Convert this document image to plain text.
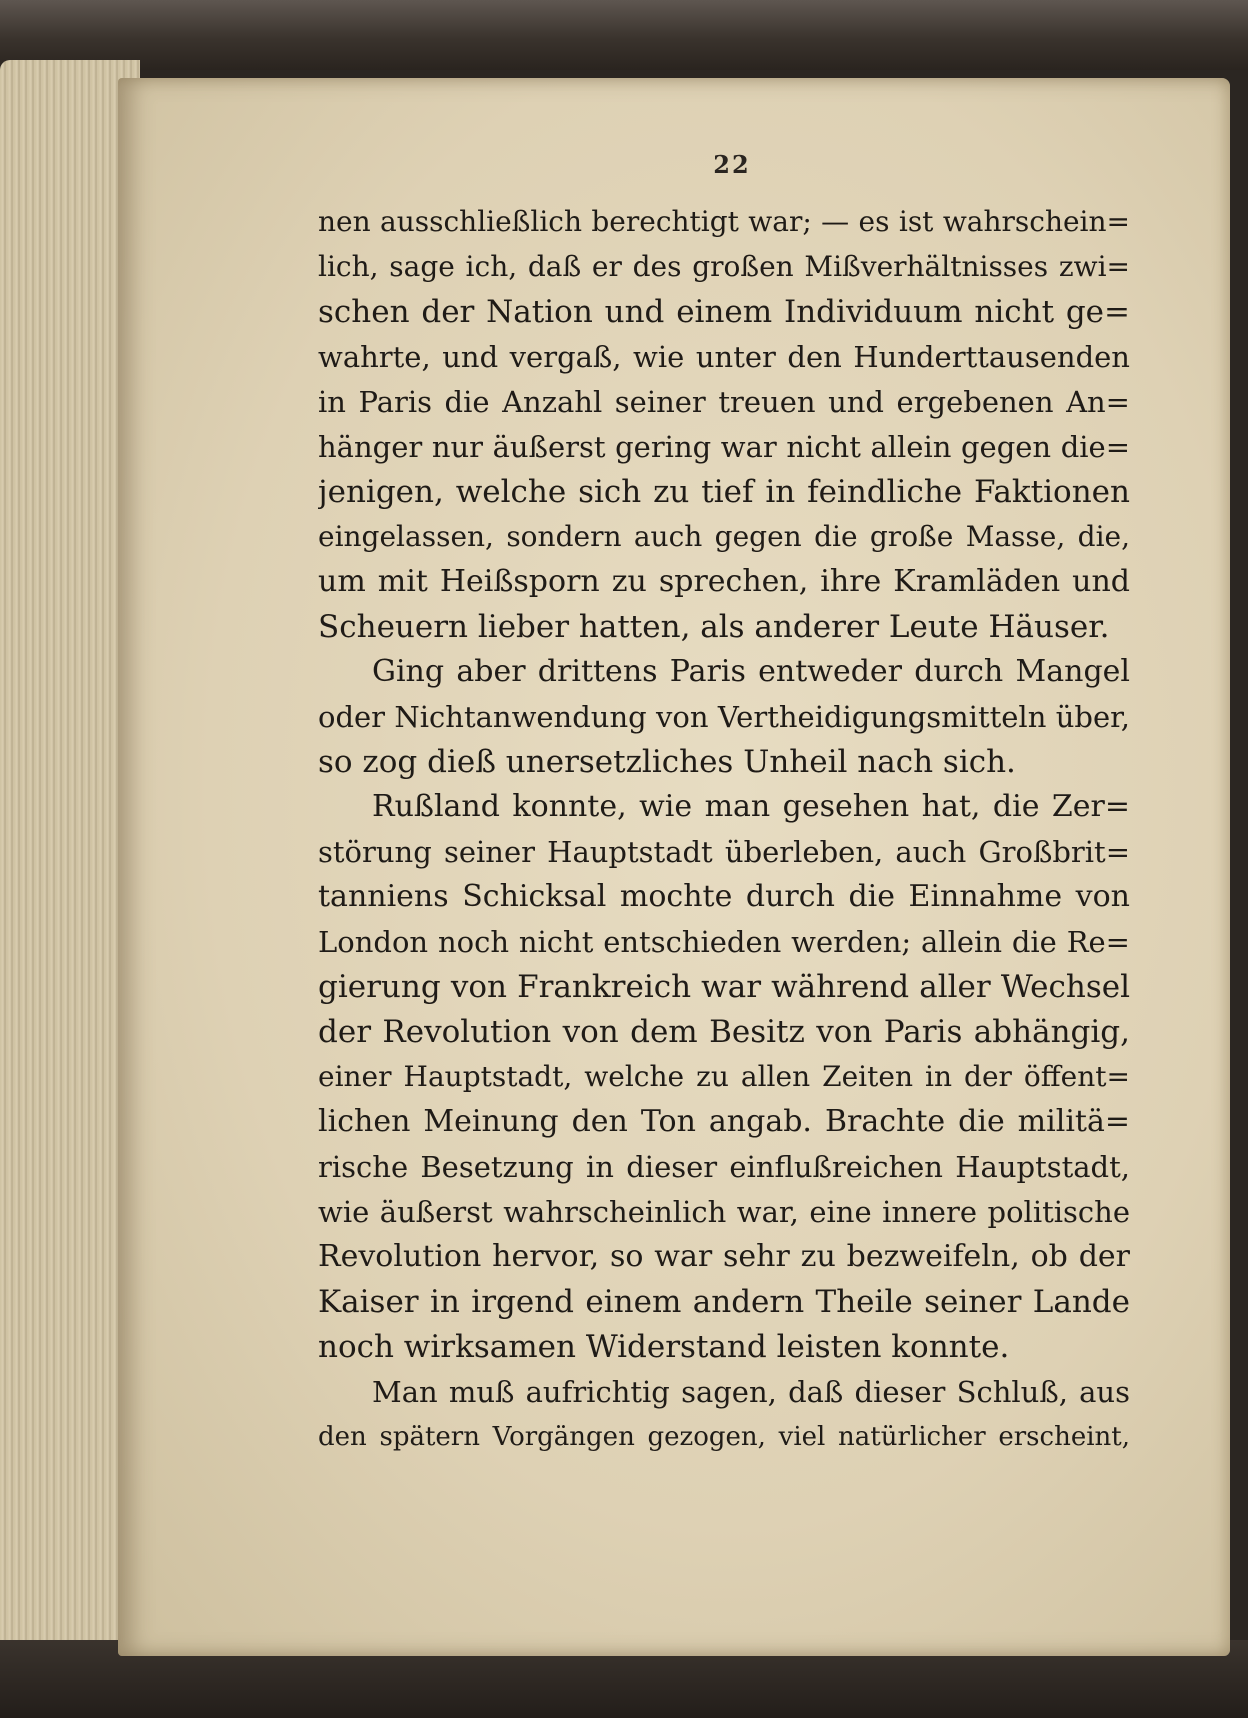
22
nen ausschließlich berechtigt war; — es ist wahrschein=
lich, sage ich, daß er des großen Mißverhältnisses zwi=
schen der Nation und einem Individuum nicht ge=
wahrte, und vergaß, wie unter den Hunderttausenden
in Paris die Anzahl seiner treuen und ergebenen An=
hänger nur äußerst gering war nicht allein gegen die=
jenigen, welche sich zu tief in feindliche Faktionen
eingelassen, sondern auch gegen die große Masse, die,
um mit Heißsporn zu sprechen, ihre Kramläden und
Scheuern lieber hatten, als anderer Leute Häuser.
Ging aber drittens Paris entweder durch Mangel
oder Nichtanwendung von Vertheidigungsmitteln über,
so zog dieß unersetzliches Unheil nach sich.
Rußland konnte, wie man gesehen hat, die Zer=
störung seiner Hauptstadt überleben, auch Großbrit=
tanniens Schicksal mochte durch die Einnahme von
London noch nicht entschieden werden; allein die Re=
gierung von Frankreich war während aller Wechsel
der Revolution von dem Besitz von Paris abhängig,
einer Hauptstadt, welche zu allen Zeiten in der öffent=
lichen Meinung den Ton angab. Brachte die militä=
rische Besetzung in dieser einflußreichen Hauptstadt,
wie äußerst wahrscheinlich war, eine innere politische
Revolution hervor, so war sehr zu bezweifeln, ob der
Kaiser in irgend einem andern Theile seiner Lande
noch wirksamen Widerstand leisten konnte.
Man muß aufrichtig sagen, daß dieser Schluß, aus
den spätern Vorgängen gezogen, viel natürlicher erscheint,
